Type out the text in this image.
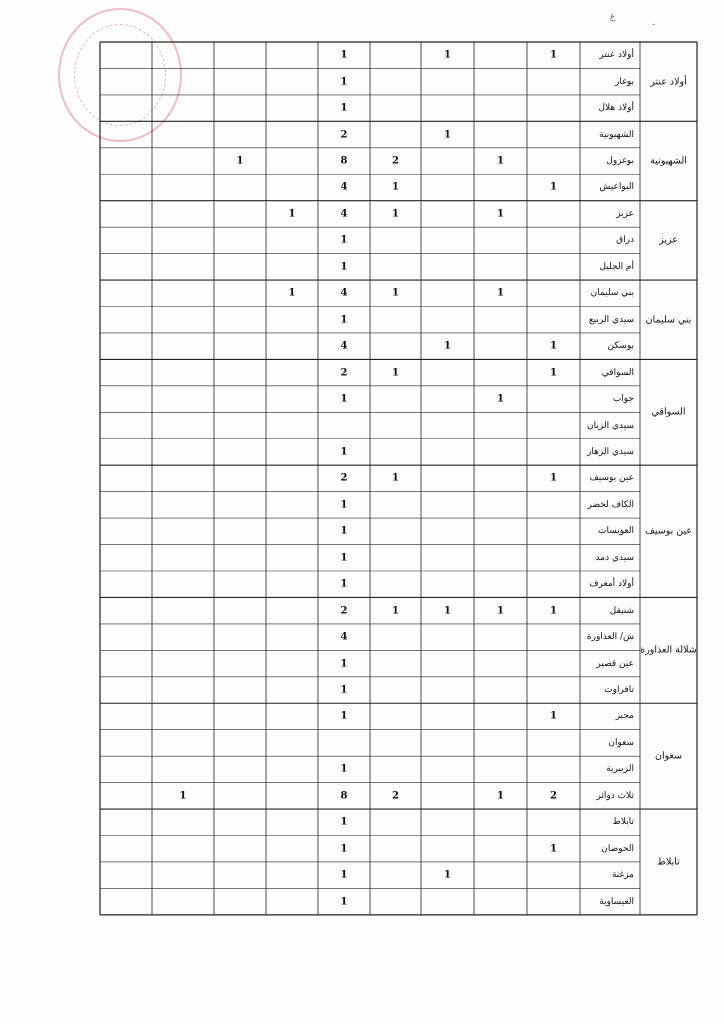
ع
-
أولاد عنتر
1
1
1
بوغار
1
أولاد هلال
1
أولاد عنتر
الشهبونية
1
2
بوغزول
1
2
8
1
البواعيش
1
1
4
الشهبونية
عزيز
1
1
4
1
دراق
1
أم الجليل
1
عزيز
بني سليمان
1
1
4
1
سيدي الربيع
1
بوسكن
1
1
4
بني سليمان
السواقي
1
1
2
جواب
1
1
سيدي الزيان
سيدي الزهار
1
السواقي
عين بوسيف
1
1
2
الكاف لخضر
1
العويسات
1
سيدي دمد
1
أولاد أمعرف
1
عين بوسيف
شنيقل
1
1
1
1
2
ش/ العذاورة
4
عين قصير
1
تافراوت
1
شلالة العذاورة
مجبر
1
1
سغوان
الزبيرية
1
ثلاث دوائر
2
1
2
8
1
سغوان
تابلاط
1
الحوضان
1
1
مزغنة
1
1
العيساوية
1
تابلاط
